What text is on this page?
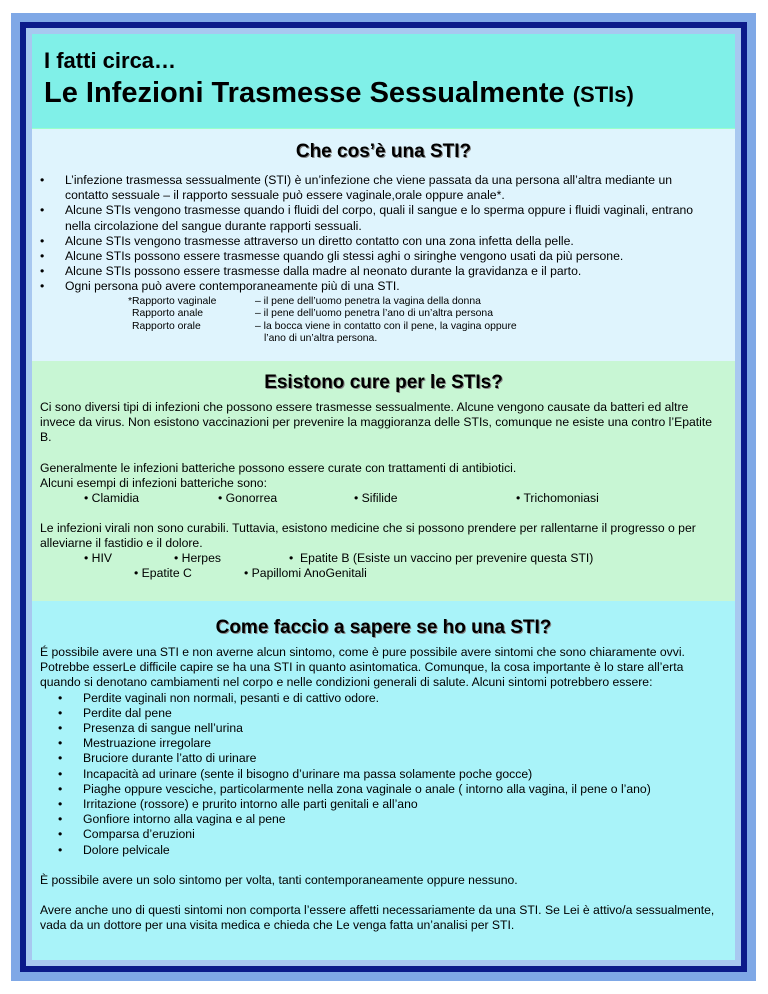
I fatti circa…
Le Infezioni Trasmesse Sessualmente (STIs)
Che cos’è una STI?
• L’infezione trasmessa sessualmente (STI) è un’infezione che viene passata da una persona all’altra mediante un contatto sessuale – il rapporto sessuale può essere vaginale,orale oppure anale*.
• Alcune STIs vengono trasmesse quando i fluidi del corpo, quali il sangue e lo sperma oppure i fluidi vaginali, entrano nella circolazione del sangue durante rapporti sessuali.
• Alcune STIs vengono trasmesse attraverso un diretto contatto con una zona infetta della pelle.
• Alcune STIs possono essere trasmesse quando gli stessi aghi o siringhe vengono usati da più persone.
• Alcune STIs possono essere trasmesse dalla madre al neonato durante la gravidanza e il parto.
• Ogni persona può avere contemporaneamente più di una STI.
*Rapporto vaginale	– il pene dell’uomo penetra la vagina della donna
Rapporto anale	– il pene dell’uomo penetra l’ano di un’altra persona
Rapporto orale	– la bocca viene in contatto con il pene, la vagina oppure
l’ano di un’altra persona.
Esistono cure per le STIs?

Ci sono diversi tipi di infezioni che possono essere trasmesse sessualmente. Alcune vengono causate da batteri ed altre invece da virus. Non esistono vaccinazioni per prevenire la maggioranza delle STIs, comunque ne esiste una contro l’Epatite B.

Generalmente le infezioni batteriche possono essere curate con trattamenti di antibiotici.

Alcuni esempi di infezioni batteriche sono:

• Clamidia	• Gonorrea	• Sifilide	• Trichomoniasi

Le infezioni virali non sono curabili. Tuttavia, esistono medicine che si possono prendere per rallentarne il progresso o per alleviarne il fastidio e il dolore.

• HIV	• Herpes	•  Epatite B (Esiste un vaccino per prevenire questa STI)
• Epatite C	• Papillomi AnoGenitali
Come faccio a sapere se ho una STI?

É possibile avere una STI e non averne alcun sintomo, come è pure possibile avere sintomi che sono chiaramente ovvi. Potrebbe esserLe difficile capire se ha una STI in quanto asintomatica. Comunque, la cosa importante è lo stare all’erta quando si denotano cambiamenti nel corpo e nelle condizioni generali di salute. Alcuni sintomi potrebbero essere:

• Perdite vaginali non normali, pesanti e di cattivo odore.
• Perdite dal pene
• Presenza di sangue nell’urina
• Mestruazione irregolare
• Bruciore durante l’atto di urinare
• Incapacità ad urinare (sente il bisogno d’urinare ma passa solamente poche gocce)
• Piaghe oppure vesciche, particolarmente nella zona vaginale o anale ( intorno alla vagina, il pene o l’ano)
• Irritazione (rossore) e prurito intorno alle parti genitali e all’ano
• Gonfiore intorno alla vagina e al pene
• Comparsa d’eruzioni
• Dolore pelvicale

È possibile avere un solo sintomo per volta, tanti contemporaneamente oppure nessuno.

Avere anche uno di questi sintomi non comporta l’essere affetti necessariamente da una STI. Se Lei è attivo/a sessualmente, vada da un dottore per una visita medica e chieda che Le venga fatta un’analisi per STI.
